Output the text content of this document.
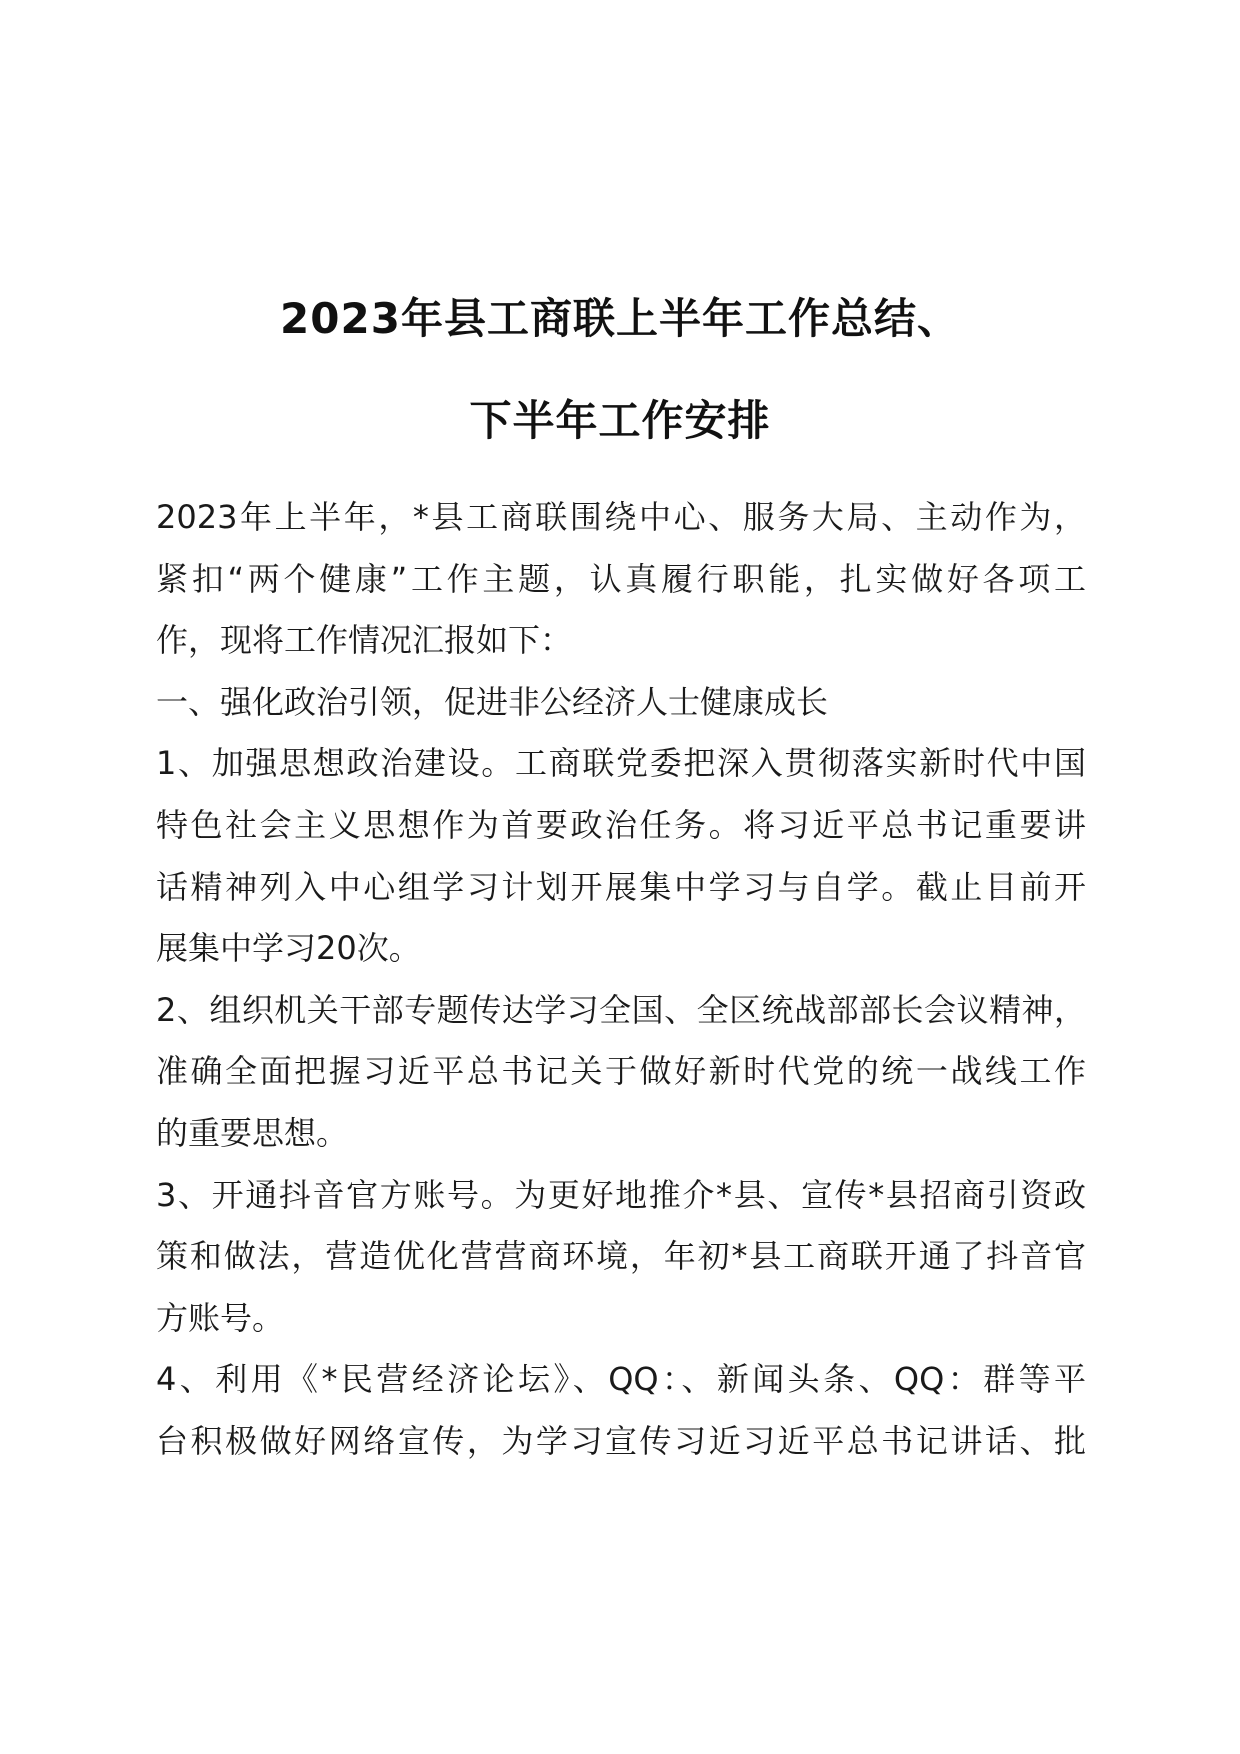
2023年县工商联上半年工作总结、
下半年工作安排
2023年上半年，*县工商联围绕中心、服务大局、主动作为，
紧扣“两个健康”工作主题，认真履行职能，扎实做好各项工
作，现将工作情况汇报如下：
一、强化政治引领，促进非公经济人士健康成长
1、加强思想政治建设。工商联党委把深入贯彻落实新时代中国
特色社会主义思想作为首要政治任务。将习近平总书记重要讲
话精神列入中心组学习计划开展集中学习与自学。截止目前开
展集中学习20次。
2、组织机关干部专题传达学习全国、全区统战部部长会议精神，
准确全面把握习近平总书记关于做好新时代党的统一战线工作
的重要思想。
3、开通抖音官方账号。为更好地推介*县、宣传*县招商引资政
策和做法，营造优化营营商环境，年初*县工商联开通了抖音官
方账号。
4、利用《*民营经济论坛》、QQ：、新闻头条、QQ：群等平
台积极做好网络宣传，为学习宣传习近习近平总书记讲话、批
